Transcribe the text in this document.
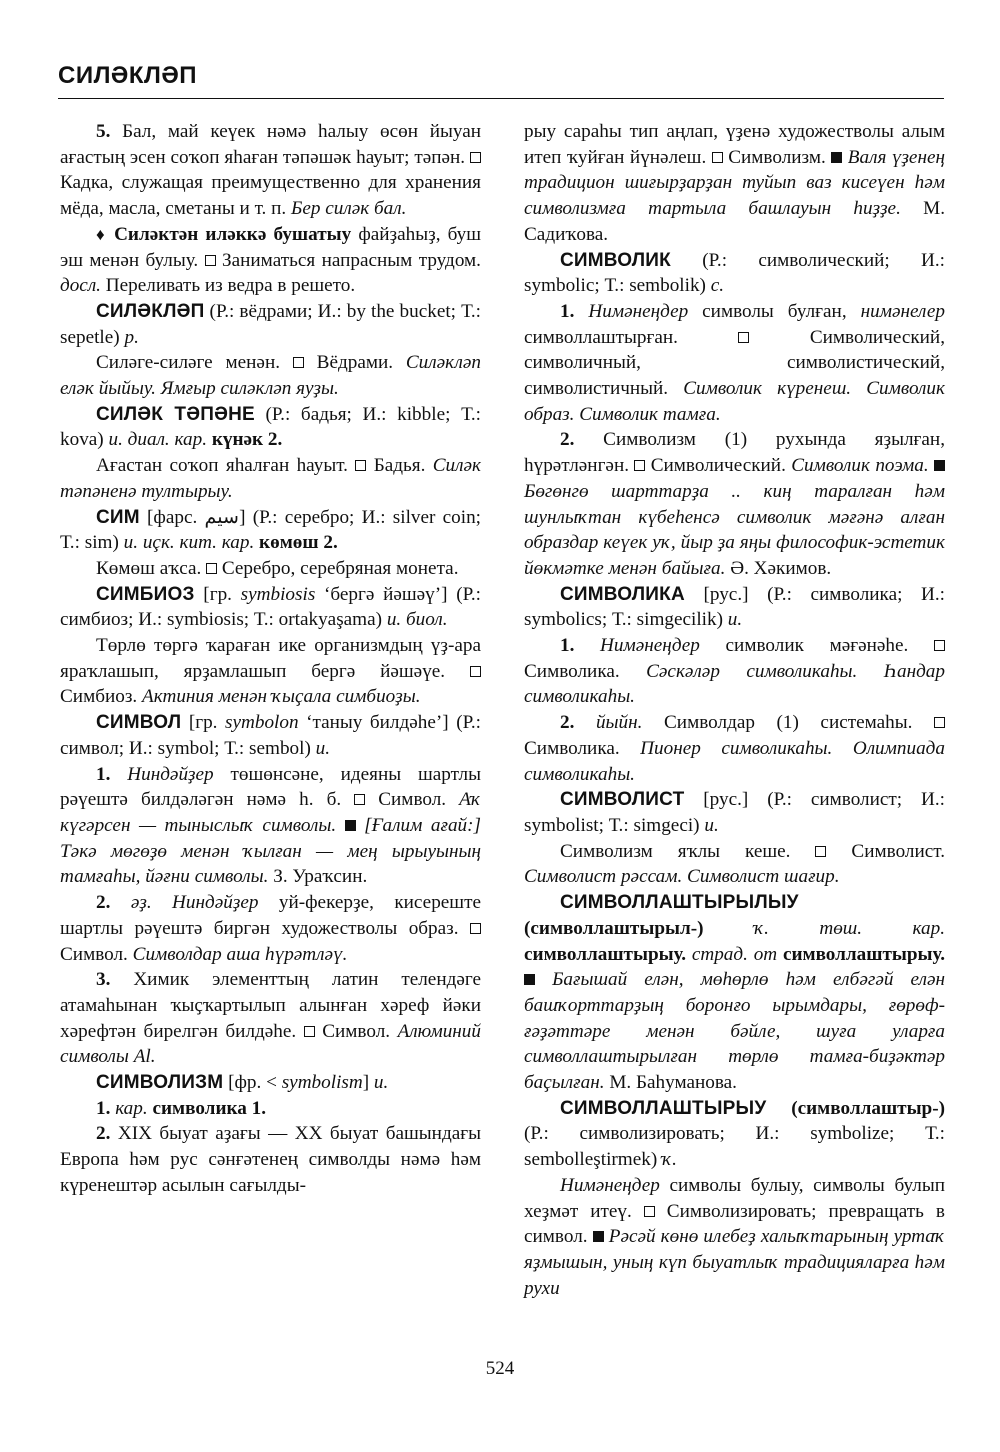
СИЛӘКЛӘП

5. Бал, май кеүек нәмә һалыу өсөн йыуан ағастың эсен соҡоп яһаған тәпәшәк һауыт; тәпән.  Кадка, служащая преимущественно для хранения мёда, масла, сметаны и т. п. Бер силәк бал.

♦ Силәктән иләккә бушатыу файҙаһыҙ, буш эш менән булыу.  Заниматься напрасным трудом. досл. Переливать из ведра в решето.

СИЛӘКЛӘП (Р.: вёдрами; И.: by the bucket; Т.: sepetle) р.

Силәге-силәге менән.  Вёдрами. Силәкләп еләк йыйыу. Ямғыр силәкләп яуҙы.

СИЛӘК ТӘПӘНЕ (Р.: бадья; И.: kibble; Т.: kova) и. диал. кар. күнәк 2.

Ағастан соҡоп яһалған һауыт.  Бадья. Силәк тәпәненә тултырыу.

СИМ [фарс. سیم] (Р.: серебро; И.: silver coin; Т.: sim) и. иçк. кит. кар. көмөш 2.

Көмөш аҡса.  Серебро, серебряная монета.

СИМБИОЗ [гр. symbiosis ‘бергә йәшәү’] (Р.: симбиоз; И.: symbiosis; Т.: ortakyaşama) и. биол.

Төрлө төргә ҡараған ике организмдың үҙ-ара яраҡлашып, ярҙамлашып бергә йәшәүе.  Симбиоз. Актиния менән ҡыҫала симбиоҙы.

СИМВОЛ [гр. symbolon ‘таныу билдәһе’] (Р.: символ; И.: symbol; Т.: sembol) и.

1. Ниндәйҙер төшөнсәне, идеяны шартлы рәүештә билдәләгән нәмә һ. б.  Символ. Аҡ күгәрсен — тыныслыҡ символы.  [Ғалим ағай:] Тәкә мөгөҙө менән ҡылған — мең ырыуының тамғаһы, йәғни символы. З. Ураҡсин.

2. әҙ. Ниндәйҙер уй-фекерҙе, кисереште шартлы рәүештә биргән художестволы образ.  Символ. Символдар аша һүрәтләү.

3. Химик элементтың латин телендәге атамаһынан ҡыҫҡартылып алынған хәреф йәки хәрефтән бирелгән билдәһе.  Символ. Алюминий символы Al.

СИМВОЛИЗМ [фр. < symbolism] и.

1. кар. символика 1.

2. XIX быуат аҙағы — XX быуат башындағы Европа һәм рус сәнғәтенең символды нәмә һәм күренештәр асылын сағылды-

рыу сараһы тип аңлап, үҙенә художестволы алым итеп ҡуйған йүнәлеш.  Символизм.  Валя үҙенең традицион шиғырҙарҙан туйып ваз кисеүен һәм символизмға тартыла башлауын һиҙҙе. М. Садиҡова.

СИМВОЛИК (Р.: символический; И.: symbolic; Т.: sembolik) с.

1. Нимәнеңдер символы булған, нимәнелер символлаштырған.  Символический, символичный, символистический, символистичный. Символик күренеш. Символик образ. Символик тамға.

2. Символизм (1) рухында яҙылған, һүрәтләнгән.  Символический. Символик поэма.  Бөгөнгө шарттарҙа .. киң таралған һәм шунлыҡтан күбеһенсә символик мәғәнә алған образдар кеүек уҡ, йыр ҙа яңы философик-эстетик йөкмәтке менән байыға. Ә. Хәкимов.

СИМВОЛИКА [рус.] (Р.: символика; И.: symbolics; Т.: simgecilik) и.

1. Нимәнеңдер символик мәғәнәһе.  Символика. Сәскәләр символикаһы. Һандар символикаһы.

2. йыйн. Символдар (1) системаһы.  Символика. Пионер символикаһы. Олимпиада символикаһы.

СИМВОЛИСТ [рус.] (Р.: символист; И.: symbolist; Т.: simgeci) и.

Символизм яҡлы кеше.  Символист. Символист рәссам. Символист шағир.

СИМВОЛЛАШТЫРЫЛЫУ (символлаштырыл-) ҡ. төш. кар. символлаштырыу. страд. от символлаштырыу.  Бағышай елән, мөһөрлө һәм елбәгәй елән башҡорттарҙың боронғо ырымдары, ғөрөф-ғәҙәттәре менән бәйле, шуға уларға символлаштырылған төрлө тамға-биҙәктәр баҫылған. М. Баһуманова.

СИМВОЛЛАШТЫРЫУ (символлаштыр-) (Р.: символизировать; И.: symbolize; Т.: sembolleştirmek) ҡ.

Нимәнеңдер символы булыу, символы булып хеҙмәт итеү.  Символизировать; превращать в символ.  Рәсәй көнө илебеҙ халыҡтарының уртаҡ яҙмышын, уның күп быуатлыҡ традицияларға һәм рухи

524
